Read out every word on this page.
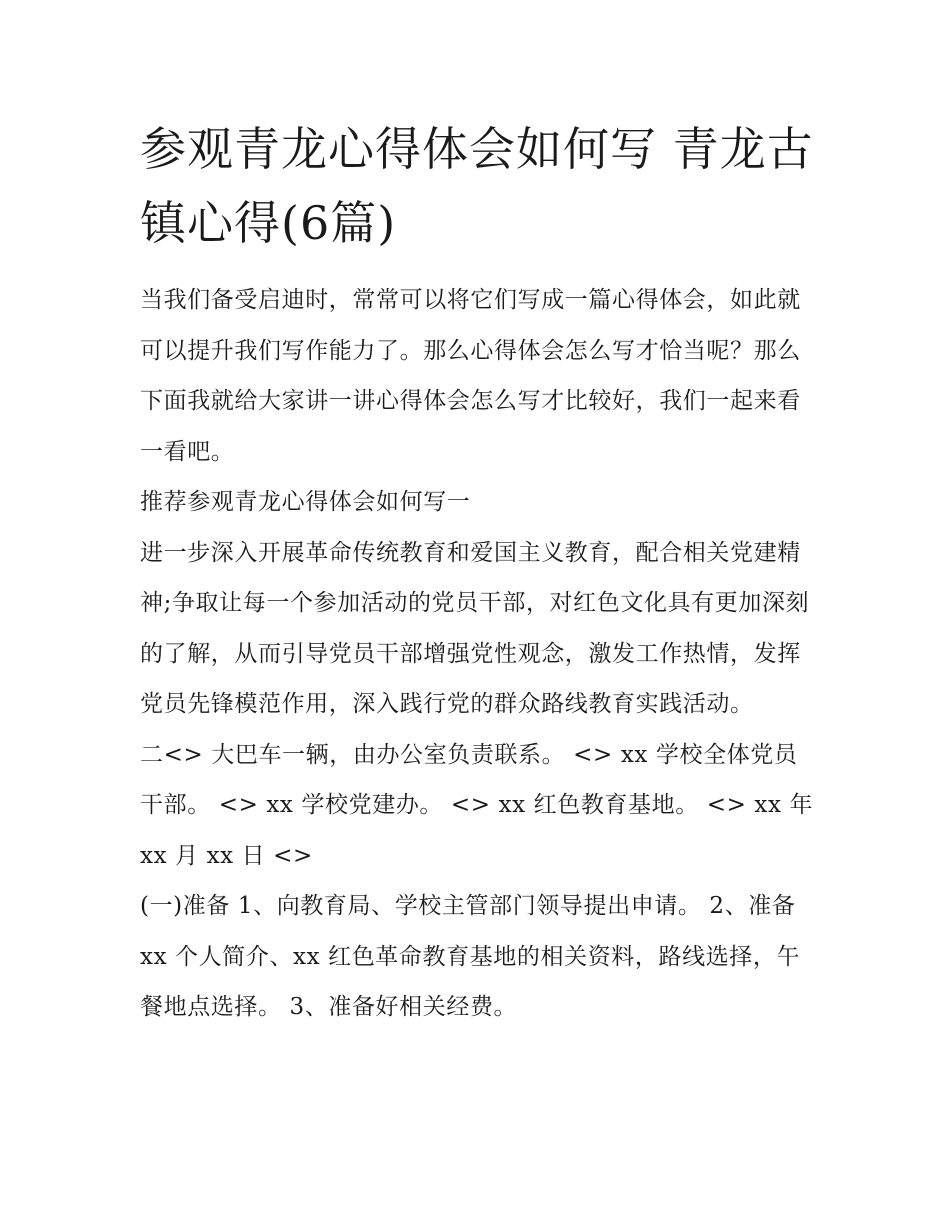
参观青龙心得体会如何写 青龙古镇心得(6篇)

当我们备受启迪时，常常可以将它们写成一篇心得体会，如此就可以提升我们写作能力了。那么心得体会怎么写才恰当呢？那么下面我就给大家讲一讲心得体会怎么写才比较好，我们一起来看一看吧。

推荐参观青龙心得体会如何写一

进一步深入开展革命传统教育和爱国主义教育，配合相关党建精神;争取让每一个参加活动的党员干部，对红色文化具有更加深刻的了解，从而引导党员干部增强党性观念，激发工作热情，发挥党员先锋模范作用，深入践行党的群众路线教育实践活动。

二<> 大巴车一辆，由办公室负责联系。 <> xx 学校全体党员干部。 <> xx 学校党建办。 <> xx 红色教育基地。 <> xx 年 xx 月 xx 日 <>

(一)准备 1、向教育局、学校主管部门领导提出申请。 2、准备 xx 个人简介、xx 红色革命教育基地的相关资料，路线选择，午餐地点选择。 3、准备好相关经费。
